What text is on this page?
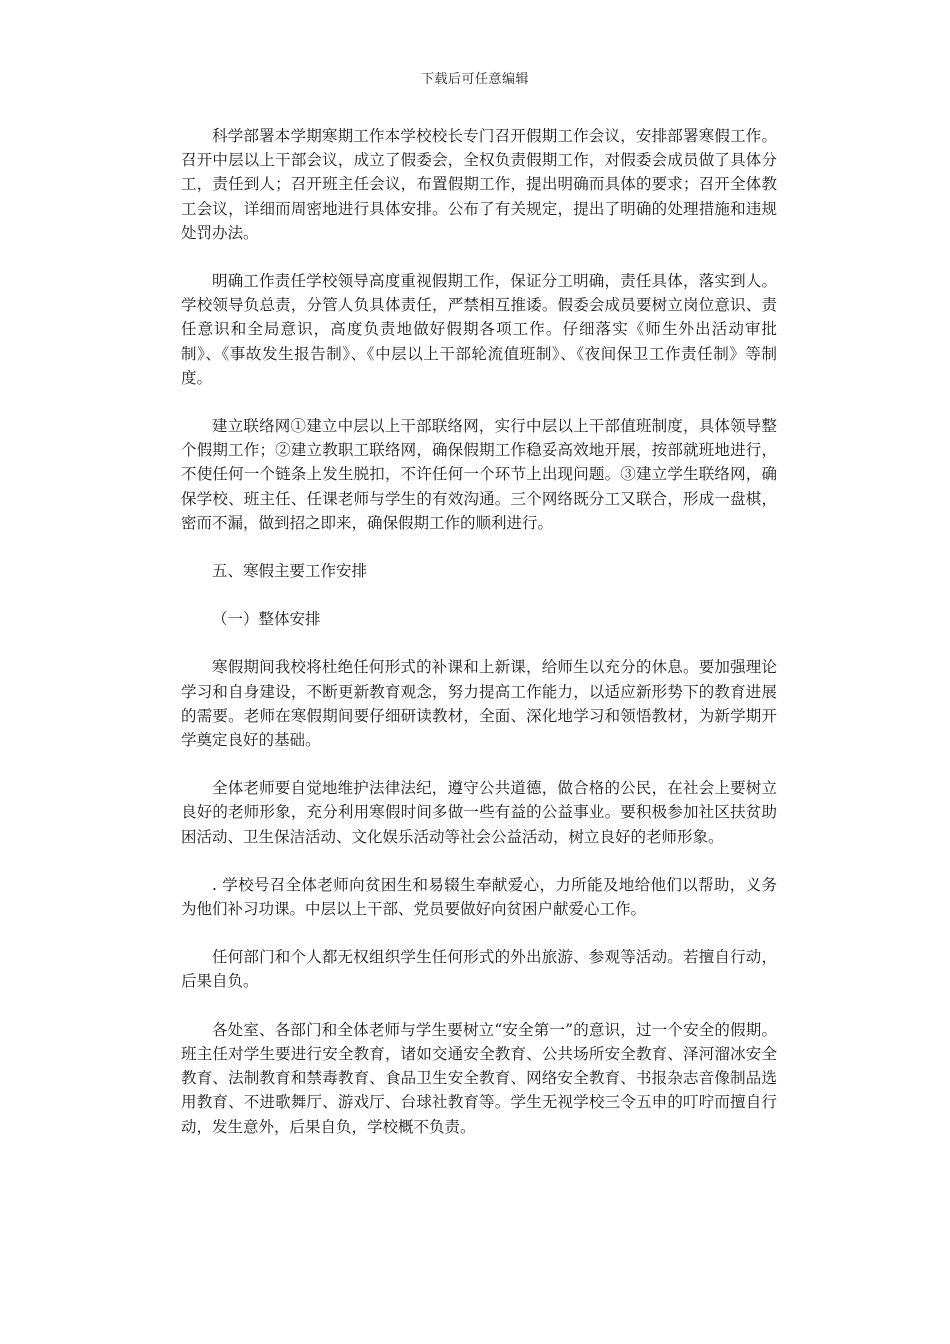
下载后可任意编辑

科学部署本学期寒期工作本学校校长专门召开假期工作会议，安排部署寒假工作。召开中层以上干部会议，成立了假委会，全权负责假期工作，对假委会成员做了具体分工，责任到人；召开班主任会议，布置假期工作，提出明确而具体的要求；召开全体教工会议，详细而周密地进行具体安排。公布了有关规定，提出了明确的处理措施和违规处罚办法。

明确工作责任学校领导高度重视假期工作，保证分工明确，责任具体，落实到人。学校领导负总责，分管人负具体责任，严禁相互推诿。假委会成员要树立岗位意识、责任意识和全局意识，高度负责地做好假期各项工作。仔细落实《师生外出活动审批制》、《事故发生报告制》、《中层以上干部轮流值班制》、《夜间保卫工作责任制》等制度。

建立联络网①建立中层以上干部联络网，实行中层以上干部值班制度，具体领导整个假期工作；②建立教职工联络网，确保假期工作稳妥高效地开展，按部就班地进行，不使任何一个链条上发生脱扣，不许任何一个环节上出现问题。③建立学生联络网，确保学校、班主任、任课老师与学生的有效沟通。三个网络既分工又联合，形成一盘棋，密而不漏，做到招之即来，确保假期工作的顺利进行。

五、寒假主要工作安排

（一）整体安排

寒假期间我校将杜绝任何形式的补课和上新课，给师生以充分的休息。要加强理论学习和自身建设，不断更新教育观念，努力提高工作能力，以适应新形势下的教育进展的需要。老师在寒假期间要仔细研读教材，全面、深化地学习和领悟教材，为新学期开学奠定良好的基础。

全体老师要自觉地维护法律法纪，遵守公共道德，做合格的公民，在社会上要树立良好的老师形象，充分利用寒假时间多做一些有益的公益事业。要积极参加社区扶贫助困活动、卫生保洁活动、文化娱乐活动等社会公益活动，树立良好的老师形象。

. 学校号召全体老师向贫困生和易辍生奉献爱心，力所能及地给他们以帮助，义务为他们补习功课。中层以上干部、党员要做好向贫困户献爱心工作。

任何部门和个人都无权组织学生任何形式的外出旅游、参观等活动。若擅自行动，后果自负。

各处室、各部门和全体老师与学生要树立“安全第一”的意识，过一个安全的假期。班主任对学生要进行安全教育，诸如交通安全教育、公共场所安全教育、泽河溜冰安全教育、法制教育和禁毒教育、食品卫生安全教育、网络安全教育、书报杂志音像制品选用教育、不进歌舞厅、游戏厅、台球社教育等。学生无视学校三令五申的叮咛而擅自行动，发生意外，后果自负，学校概不负责。
